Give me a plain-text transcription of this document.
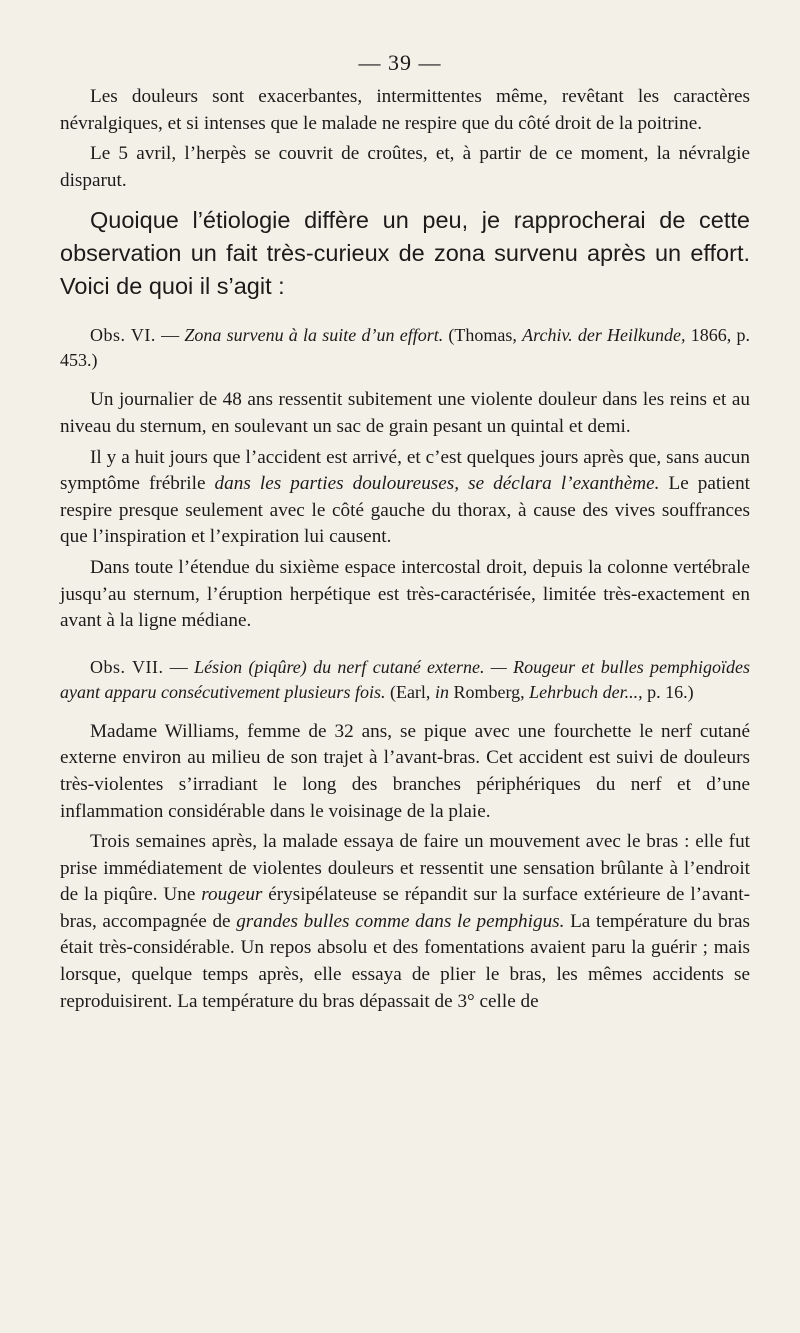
— 39 —

Les douleurs sont exacerbantes, intermittentes même, revêtant les caractères névralgiques, et si intenses que le malade ne respire que du côté droit de la poitrine.

Le 5 avril, l’herpès se couvrit de croûtes, et, à partir de ce moment, la névralgie disparut.

Quoique l’étiologie diffère un peu, je rapprocherai de cette observation un fait très-curieux de zona survenu après un effort. Voici de quoi il s’agit :

Obs. VI. — Zona survenu à la suite d’un effort. (Thomas, Archiv. der Heilkunde, 1866, p. 453.)

Un journalier de 48 ans ressentit subitement une violente douleur dans les reins et au niveau du sternum, en soulevant un sac de grain pesant un quintal et demi.

Il y a huit jours que l’accident est arrivé, et c’est quelques jours après que, sans aucun symptôme frébrile dans les parties douloureuses, se déclara l’exanthème. Le patient respire presque seulement avec le côté gauche du thorax, à cause des vives souffrances que l’inspiration et l’expiration lui causent.

Dans toute l’étendue du sixième espace intercostal droit, depuis la colonne vertébrale jusqu’au sternum, l’éruption herpétique est très-caractérisée, limitée très-exactement en avant à la ligne médiane.

Obs. VII. — Lésion (piqûre) du nerf cutané externe. — Rougeur et bulles pemphigoïdes ayant apparu consécutivement plusieurs fois. (Earl, in Romberg, Lehrbuch der..., p. 16.)

Madame Williams, femme de 32 ans, se pique avec une fourchette le nerf cutané externe environ au milieu de son trajet à l’avant-bras. Cet accident est suivi de douleurs très-violentes s’irradiant le long des branches périphériques du nerf et d’une inflammation considérable dans le voisinage de la plaie.

Trois semaines après, la malade essaya de faire un mouvement avec le bras : elle fut prise immédiatement de violentes douleurs et ressentit une sensation brûlante à l’endroit de la piqûre. Une rougeur érysipélateuse se répandit sur la surface extérieure de l’avant-bras, accompagnée de grandes bulles comme dans le pemphigus. La température du bras était très-considérable. Un repos absolu et des fomentations avaient paru la guérir ; mais lorsque, quelque temps après, elle essaya de plier le bras, les mêmes accidents se reproduisirent. La température du bras dépassait de 3° celle de
